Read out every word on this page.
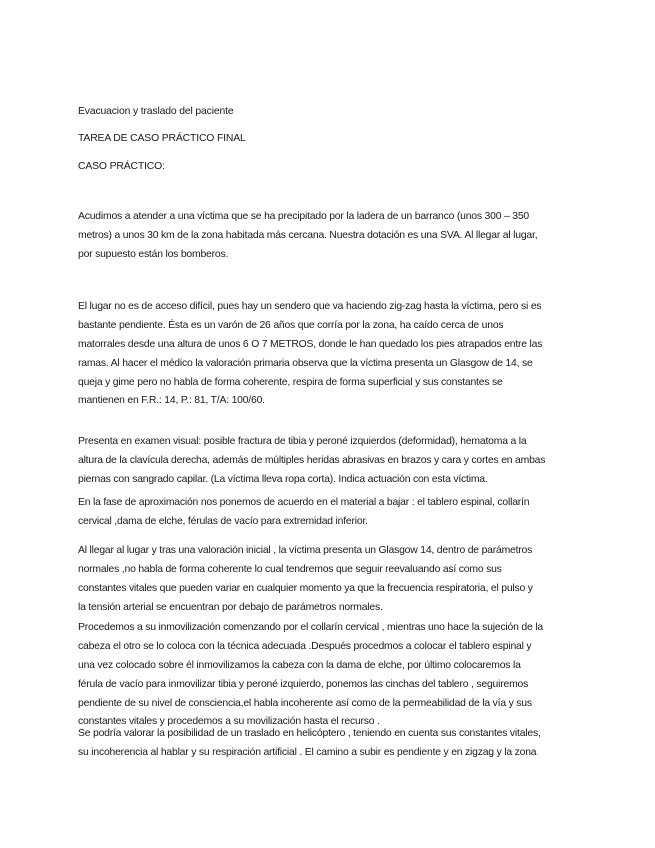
Evacuacion y traslado del paciente
TAREA DE CASO PRÁCTICO FINAL
CASO PRÁCTICO:
Acudimos a atender a una víctima que se ha precipitado por la ladera de un barranco (unos 300 – 350
metros) a unos 30 km de la zona habitada más cercana. Nuestra dotación es una SVA. Al llegar al lugar,
por supuesto están los bomberos.
El lugar no es de acceso difícil, pues hay un sendero que va haciendo zig-zag hasta la víctima, pero si es
bastante pendiente. Ésta es un varón de 26 años que corría por la zona, ha caído cerca de unos
matorrales desde una altura de unos 6 O 7 METROS, donde le han quedado los pies atrapados entre las
ramas. Al hacer el médico la valoración primaria observa que la víctima presenta un Glasgow de 14, se
queja y gime pero no habla de forma coherente, respira de forma superficial y sus constantes se
mantienen en F.R.: 14, P.: 81, T/A: 100/60.
Presenta en examen visual: posible fractura de tibia y peroné izquierdos (deformidad), hematoma a la
altura de la clavícula derecha, además de múltiples heridas abrasivas en brazos y cara y cortes en ambas
piernas con sangrado capilar. (La víctima lleva ropa corta). Indica actuación con esta víctima.
En la fase de aproximación nos ponemos de acuerdo en el material a bajar : el tablero espinal, collarín
cervical ,dama de elche, férulas de vacío para extremidad inferior.
Al llegar al lugar y tras una valoración inicial , la víctima presenta un Glasgow 14, dentro de parámetros
normales ,no habla de forma coherente lo cual tendremos que seguir reevaluando así como sus
constantes vitales que pueden variar en cualquier momento ya que la frecuencia respiratoria, el pulso y
la tensión arterial se encuentran por debajo de parámetros normales.
Procedemos a su inmovilización comenzando por el collarín cervical , mientras uno hace la sujeción de la
cabeza el otro se lo coloca con la técnica adecuada .Después procedmos a colocar el tablero espinal y
una vez colocado sobre él inmovilizamos la cabeza con la dama de elche, por último colocaremos la
férula de vacío para inmovilizar tibia y peroné izquierdo, ponemos las cinchas del tablero , seguiremos
pendiente de su nivel de consciencia,el habla incoherente así como de la permeabilidad de la vía y sus
constantes vitales y procedemos a su movilización hasta el recurso .
Se podría valorar la posibilidad de un traslado en helicóptero , teniendo en cuenta sus constantes vitales,
su incoherencia al hablar y su respiración artificial . El camino a subir es pendiente y en zigzag y la zona
